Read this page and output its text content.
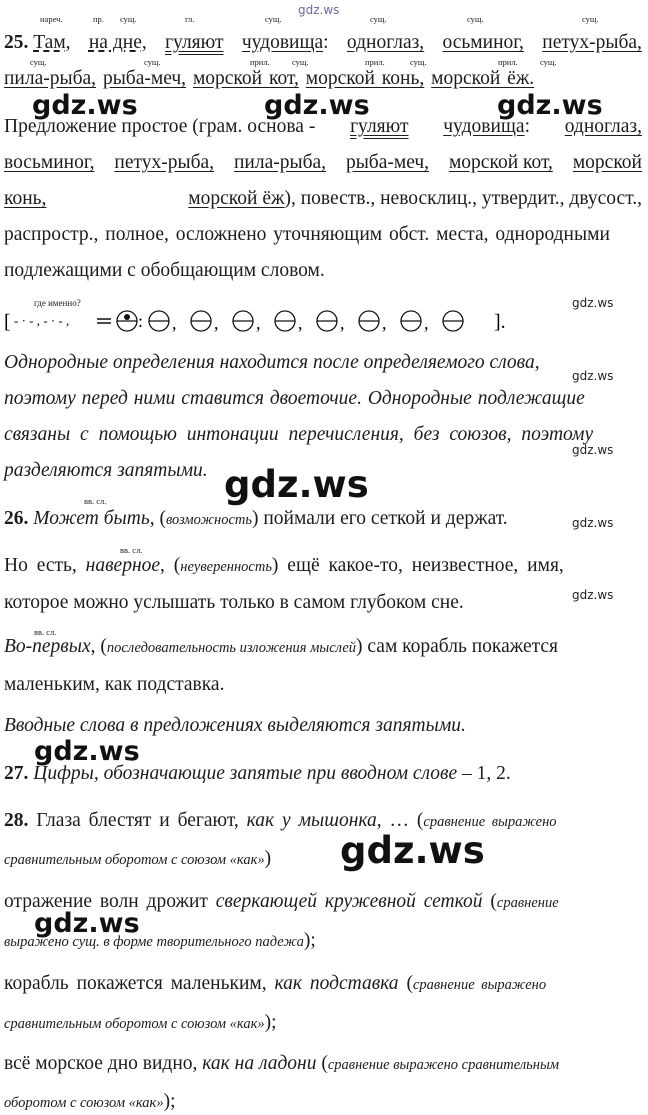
gdz.ws
нареч.	пр. сущ.	гл.	сущ.	сущ.	сущ.	сущ.
25. Там, на дне, гуляют чудовища: одноглаз, осьминог, петух-рыба,
сущ.	сущ.	прил.	сущ.	прил.	сущ.	прил.	сущ.
пила-рыба, рыба-меч, морской кот, морской конь, морской ёж.
gdz.ws	gdz.ws	gdz.ws
Предложение простое (грам. основа - гуляют чудовища: одноглаз,
восьминог, петух-рыба, пила-рыба, рыба-меч, морской кот, морской
конь,	морской ёж), повеств., невосклиц., утвердит., двусост.,
распростр., полное, осложнено уточняющим обст. места, однородными
подлежащими с обобщающим словом.
где именно?	gdz.ws
[ - · - , - · - ,	: , , , , , , ,	].
Однородные определения находится после определяемого слова,
gdz.ws
поэтому перед ними ставится двоеточие. Однородные подлежащие
связаны с помощью интонации перечисления, без союзов, поэтому
gdz.ws
разделяются запятыми. gdz.ws
вв. сл.
26. Может быть, (возможность) поймали его сеткой и держат.	gdz.ws
вв. сл.
Но есть, наверное, (неуверенность) ещё какое-то, неизвестное, имя,
gdz.ws
которое можно услышать только в самом глубоком сне.
вв. сл.
Во-первых, (последовательность изложения мыслей) сам корабль покажется
маленьким, как подставка.
Вводные слова в предложениях выделяются запятыми.
gdz.ws
27. Цифры, обозначающие запятые при вводном слове – 1, 2.
28. Глаза блестят и бегают, как у мышонка, … (сравнение выражено
сравнительным оборотом с союзом «как»)	gdz.ws
отражение волн дрожит сверкающей кружевной сеткой (сравнение
gdz.ws
выражено сущ. в форме творительного падежа);
корабль покажется маленьким, как подставка (сравнение выражено
сравнительным оборотом с союзом «как»);
всё морское дно видно, как на ладони (сравнение выражено сравнительным
оборотом с союзом «как»);
